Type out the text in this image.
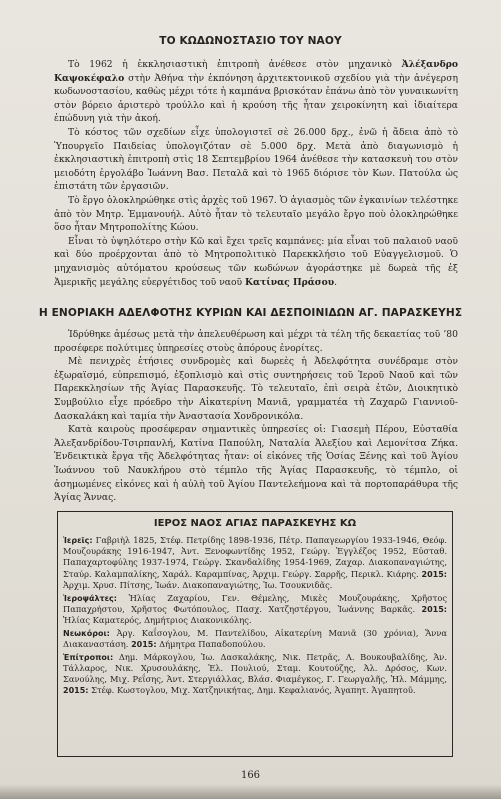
ΤΟ ΚΩΔΩΝΟΣΤΑΣΙΟ ΤΟΥ ΝΑΟΥ

Tὸ 1962 ἡ ἐκκλησιαστικὴ ἐπιτροπὴ ἀνέθεσε στὸν μηχανικὸ Ἀλέξανδρο Καψοκέφαλο στὴν Ἀθήνα τὴν ἐκπόνηση ἀρχιτεκτονικοῦ σχεδίου γιὰ τὴν ἀνέγερση κωδωνοστασίου, καθὼς μέχρι τότε ἡ καμπάνα βρισκόταν ἐπάνω ἀπὸ τὸν γυναικωνίτη στὸν βόρειο ἀριστερὸ τρούλλο καὶ ἡ κρούση τῆς ἦταν χειροκίνητη καὶ ἰδιαίτερα ἐπώδυνη γιὰ τὴν ἀκοή.

Tὸ κόστος τῶν σχεδίων εἶχε ὑπολογιστεῖ σὲ 26.000 δρχ., ἐνῶ ἡ ἄδεια ἀπὸ τὸ Ὑπουργεῖο Παιδείας ὑπολογιζόταν σὲ 5.000 δρχ. Μετὰ ἀπὸ διαγωνισμὸ ἡ ἐκκλησιαστικὴ ἐπιτροπὴ στὶς 18 Σεπτεμβρίου 1964 ἀνέθεσε τὴν κατασκευὴ του στὸν μειοδότη ἐργολάβο Ἰωάννη Βασ. Πεταλᾶ καὶ τὸ 1965 διόρισε τὸν Κων. Πατούλα ὡς ἐπιστάτη τῶν ἐργασιῶν.

Tὸ ἔργο ὁλοκληρώθηκε στὶς ἀρχὲς τοῦ 1967. Ὁ ἁγιασμὸς τῶν ἐγκαινίων τελέστηκε ἀπὸ τὸν Μητρ. Ἐμμανουήλ. Αὐτὸ ἦταν τὸ τελευταῖο μεγάλο ἔργο ποὺ ὁλοκληρώθηκε ὅσο ἦταν Μητροπολίτης Κώου.

Εἶναι τὸ ὑψηλότερο στὴν Κῶ καὶ ἔχει τρεῖς καμπάνες: μία εἶναι τοῦ παλαιοῦ ναοῦ καὶ δύο προέρχονται ἀπὸ τὸ Μητροπολιτικὸ Παρεκκλήσιο τοῦ Εὐαγγελισμοῦ. Ὁ μηχανισμὸς αὐτόματου κρούσεως τῶν κωδώνων ἀγοράστηκε μὲ δωρεὰ τῆς ἐξ Ἀμερικῆς μεγάλης εὐεργέτιδος τοῦ ναοῦ Κατίνας Πράσου.

Η ΕΝΟΡΙΑΚΗ ΑΔΕΛΦΟΤΗΣ ΚΥΡΙΩΝ ΚΑΙ ΔΕΣΠΟΙΝΙΔΩΝ ΑΓ. ΠΑΡΑΣΚΕΥΗΣ

Ἱδρύθηκε ἀμέσως μετὰ τὴν ἀπελευθέρωση καὶ μέχρι τὰ τέλη τῆς δεκαετίας τοῦ ’80 προσέφερε πολύτιμες ὑπηρεσίες στοὺς ἀπόρους ἐνορίτες.

Μὲ πενιχρὲς ἐτήσιες συνδρομὲς καὶ δωρεὲς ἡ Ἀδελφότητα συνέδραμε στὸν ἐξωραϊσμό, εὐπρεπισμό, ἐξοπλισμὸ καὶ στὶς συντηρήσεις τοῦ Ἱεροῦ Ναοῦ καὶ τῶν Παρεκκλησίων τῆς Ἁγίας Παρασκευῆς. Τὸ τελευταῖο, ἐπὶ σειρὰ ἐτῶν, Διοικητικὸ Συμβούλιο εἶχε πρόεδρο τὴν Αἰκατερίνη Μανιᾶ, γραμματέα τὴ Ζαχαρῶ Γιαννιοῦ-Δασκαλάκη καὶ ταμία τὴν Ἀναστασία Χονδρονικόλα.

Κατὰ καιροὺς προσέφεραν σημαντικὲς ὑπηρεσίες οἱ: Γιασεμὴ Πέρου, Εὐσταθία Ἀλεξανδρίδου-Τσιρπανλή, Κατίνα Παπούλη, Ναταλία Ἀλεξίου καὶ Λεμονίτσα Ζήκα. Ἐνδεικτικὰ ἔργα τῆς Ἀδελφότητας ἦταν: οἱ εἰκόνες τῆς Ὁσίας Ξένης καὶ τοῦ Ἁγίου Ἰωάννου τοῦ Ναυκλήρου στὸ τέμπλο τῆς Ἁγίας Παρασκευῆς, τὸ τέμπλο, οἱ ἀσημωμένες εἰκόνες καὶ ἡ αὐλὴ τοῦ Ἁγίου Παντελεήμονα καὶ τὰ πορτοπαράθυρα τῆς Ἁγίας Ἄννας.

ΙΕΡΟΣ ΝΑΟΣ ΑΓΙΑΣ ΠΑΡΑΣΚΕΥΗΣ ΚΩ

Ἱερεῖς: Γαβριὴλ 1825, Στέφ. Πετρίδης 1898-1936, Πέτρ. Παπαγεωργίου 1933-1946, Θεόφ. Μουζουράκης 1916-1947, Ἀντ. Ξενοφωντίδης 1952, Γεώργ. Ἐγγλέζος 1952, Εὐσταθ. Παπαχαρτοφύλης 1937-1974, Γεώργ. Σκανδαλίδης 1954-1969, Ζαχαρ. Διακοπαναγιώτης, Σταύρ. Καλαμπαλίκης, Χαράλ. Καραμπίνας, Ἀρχιμ. Γεώργ. Σαρρῆς, Περικλ. Κιάρης. 2015: Ἀρχιμ. Χρυσ. Πίτσης, Ἰωάν. Διακοπαναγιώτης, Ἰω. Τσουκνιδᾶς.

Ἱεροψάλτες: Ἠλίας Ζαχαρίου, Γεν. Θέμελης, Μικὲς Μουζουράκης, Χρῆστος Παπαχρήστου, Χρῆστος Φωτόπουλος, Πασχ. Χατζηστέργου, Ἰωάννης Βαρκᾶς. 2015: Ἠλίας Καματερός, Δημήτριος Διακονικόλης.

Νεωκόροι: Ἀργ. Καΐσογλου, Μ. Παντελίδου, Αἰκατερίνη Μανιᾶ (30 χρόνια), Ἄννα Διακαναστάση. 2015: Δήμητρα Παπαδοπούλου.

Ἐπίτροποι: Δημ. Μάρκογλου, Ἰω. Δασκαλάκης, Νικ. Πετρᾶς, Λ. Βουκουβαλίδης, Ἀν. Τάλλαρος, Νικ. Χρυσουλάκης, Ἐλ. Πουλιού, Σταμ. Κουτούζης, Ἀλ. Δρόσος, Κων. Σανούλης, Μιχ. Ρεΐσης, Ἀντ. Στεργιάλλας, Βλάσ. Φιαμέγκος, Γ. Γεωργαλῆς, Ἠλ. Μάμμης, 2015: Στέφ. Κωστογλου, Μιχ. Χατζηνικήτας, Δημ. Κεφαλιανός, Ἀγαπητ. Ἀγαπητοῦ.

166
